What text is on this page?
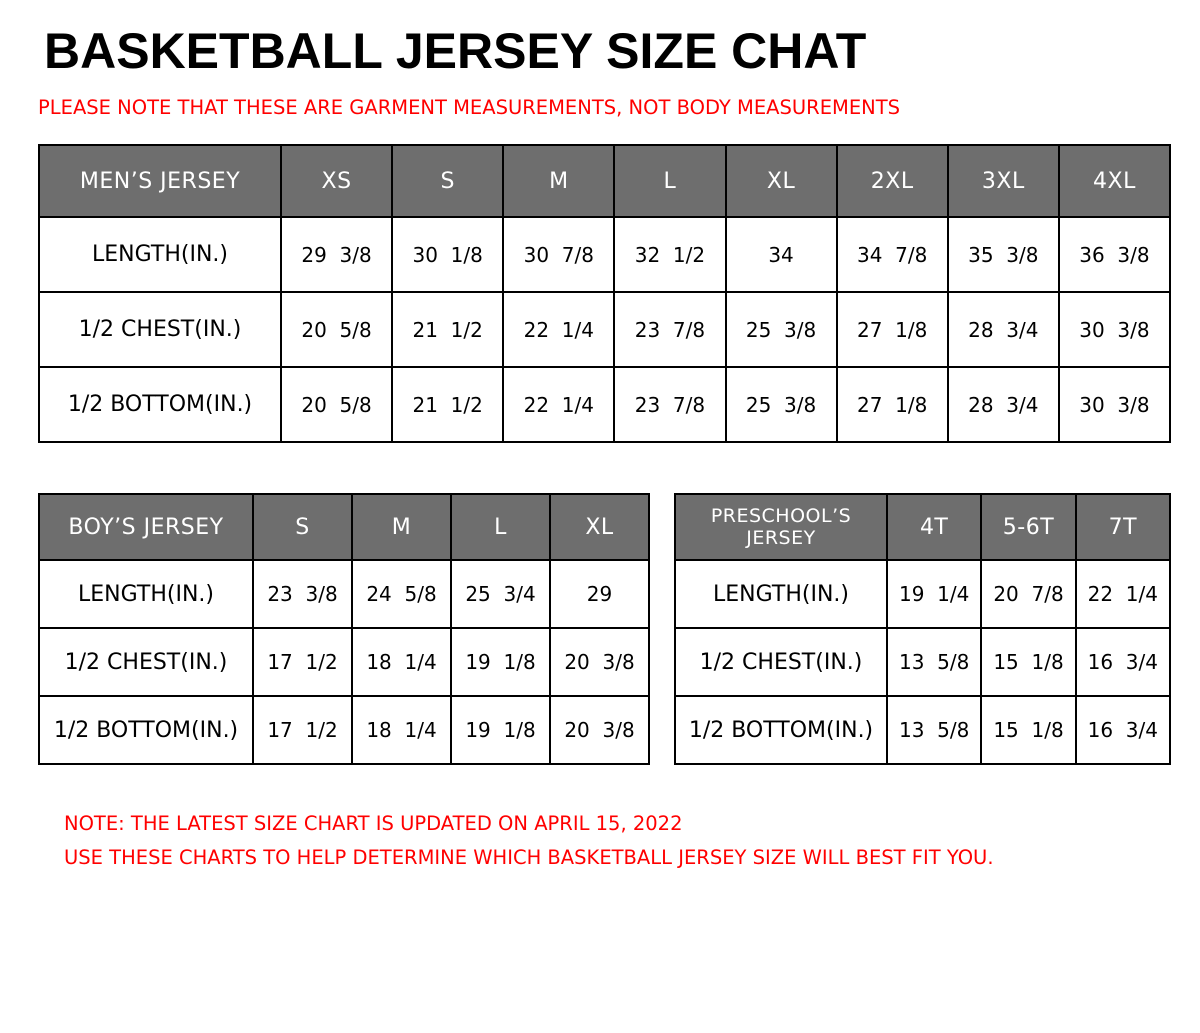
BASKETBALL JERSEY SIZE CHAT
PLEASE NOTE THAT THESE ARE GARMENT MEASUREMENTS, NOT BODY MEASUREMENTS
MEN’S JERSEY	XS	S	M	L	XL	2XL	3XL	4XL
LENGTH(IN.)	29  3/8	30  1/8	30  7/8	32  1/2	34	34  7/8	35  3/8	36  3/8
1/2 CHEST(IN.)	20  5/8	21  1/2	22  1/4	23  7/8	25  3/8	27  1/8	28  3/4	30  3/8
1/2 BOTTOM(IN.)	20  5/8	21  1/2	22  1/4	23  7/8	25  3/8	27  1/8	28  3/4	30  3/8
BOY’S JERSEY	S	M	L	XL
LENGTH(IN.)	23  3/8	24  5/8	25  3/4	29
1/2 CHEST(IN.)	17  1/2	18  1/4	19  1/8	20  3/8
1/2 BOTTOM(IN.)	17  1/2	18  1/4	19  1/8	20  3/8
PRESCHOOL’S JERSEY	4T	5-6T	7T
LENGTH(IN.)	19  1/4	20  7/8	22  1/4
1/2 CHEST(IN.)	13  5/8	15  1/8	16  3/4
1/2 BOTTOM(IN.)	13  5/8	15  1/8	16  3/4
NOTE: THE LATEST SIZE CHART IS UPDATED ON APRIL 15, 2022
USE THESE CHARTS TO HELP DETERMINE WHICH BASKETBALL JERSEY SIZE WILL BEST FIT YOU.
